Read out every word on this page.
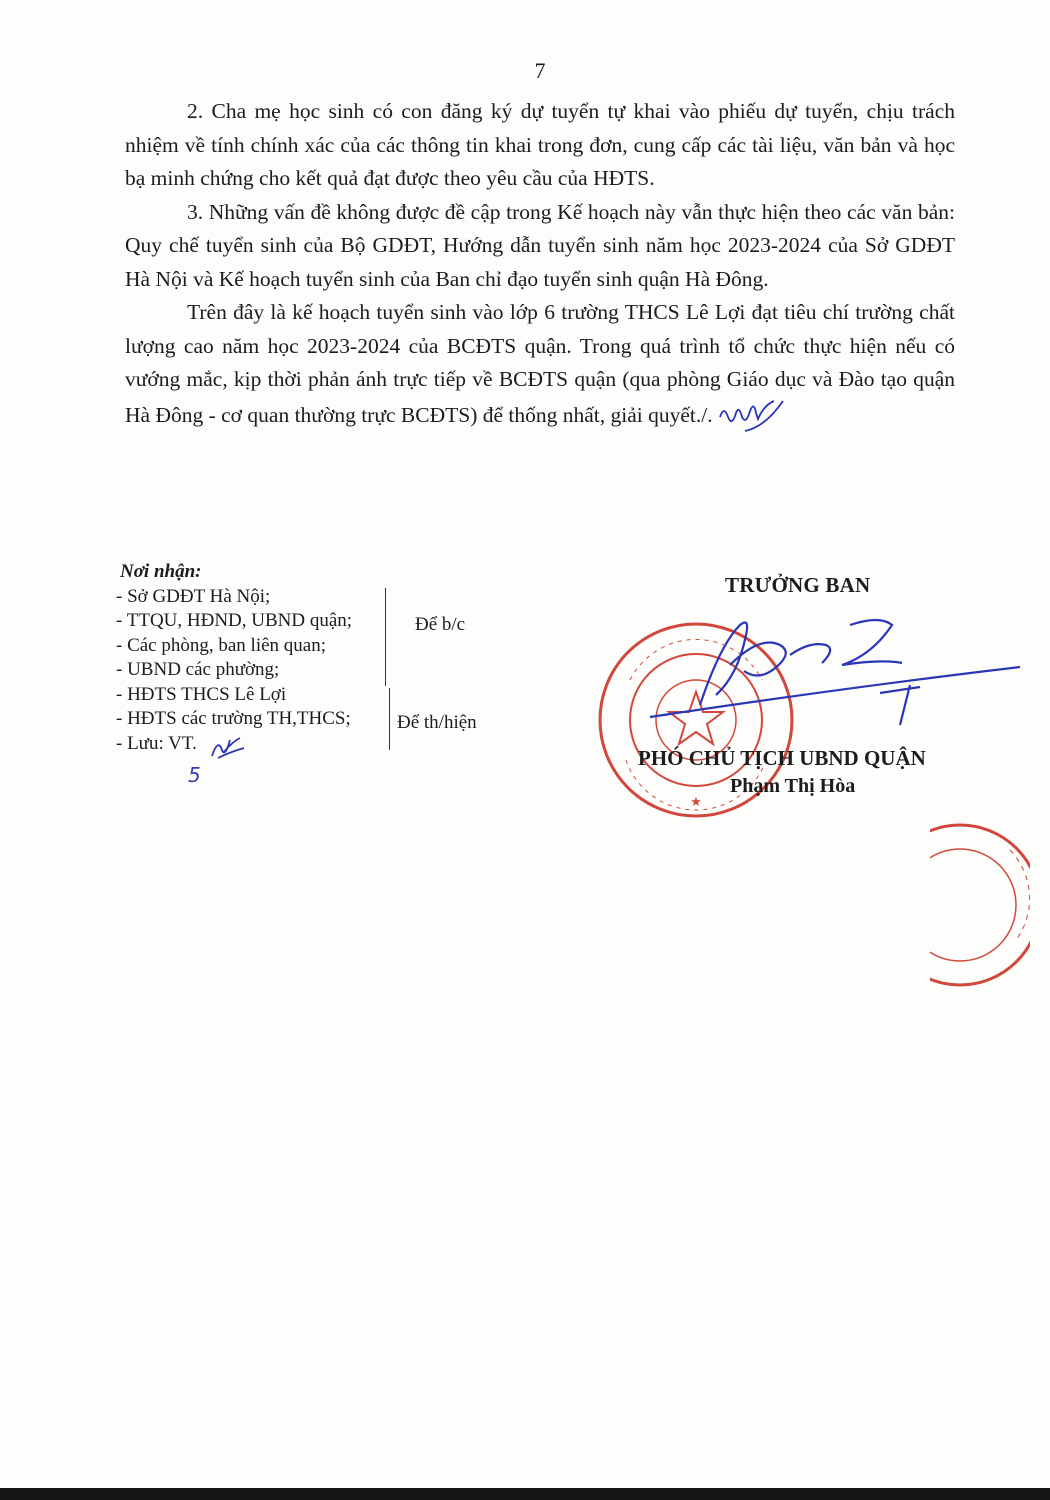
7

2. Cha mẹ học sinh có con đăng ký dự tuyển tự khai vào phiếu dự tuyển, chịu trách nhiệm về tính chính xác của các thông tin khai trong đơn, cung cấp các tài liệu, văn bản và học bạ minh chứng cho kết quả đạt được theo yêu cầu của HĐTS.

3. Những vấn đề không được đề cập trong Kế hoạch này vẫn thực hiện theo các văn bản: Quy chế tuyển sinh của Bộ GDĐT, Hướng dẫn tuyển sinh năm học 2023-2024 của Sở GDĐT Hà Nội và Kế hoạch tuyển sinh của Ban chỉ đạo tuyển sinh quận Hà Đông.

Trên đây là kế hoạch tuyển sinh vào lớp 6 trường THCS Lê Lợi đạt tiêu chí trường chất lượng cao năm học 2023-2024 của BCĐTS quận. Trong quá trình tổ chức thực hiện nếu có vướng mắc, kịp thời phản ánh trực tiếp về BCĐTS quận (qua phòng Giáo dục và Đào tạo quận Hà Đông - cơ quan thường trực BCĐTS) để thống nhất, giải quyết./.

Nơi nhận:
- Sở GDĐT Hà Nội;
- TTQU, HĐND, UBND quận;
- Các phòng, ban liên quan;
- UBND các phường;
- HĐTS THCS Lê Lợi
- HĐTS các trường TH,THCS;
- Lưu: VT.
Để b/c
Để th/hiện
5
TRƯỞNG BAN
★
PHÓ CHỦ TỊCH UBND QUẬN
Phạm Thị Hòa
